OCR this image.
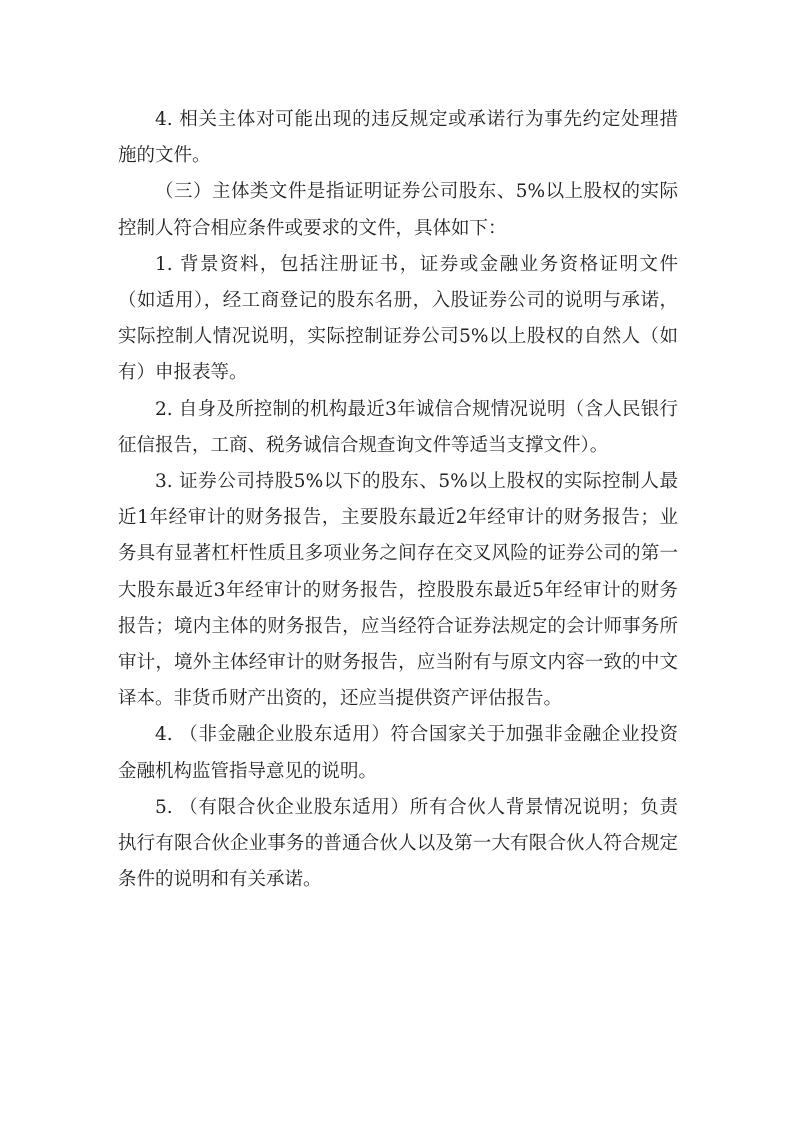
4. 相关主体对可能出现的违反规定或承诺行为事先约定处理措施的文件。

（三）主体类文件是指证明证券公司股东、5%以上股权的实际控制人符合相应条件或要求的文件，具体如下：

1. 背景资料，包括注册证书，证券或金融业务资格证明文件（如适用），经工商登记的股东名册，入股证券公司的说明与承诺，实际控制人情况说明，实际控制证券公司5%以上股权的自然人（如有）申报表等。

2. 自身及所控制的机构最近3年诚信合规情况说明（含人民银行征信报告，工商、税务诚信合规查询文件等适当支撑文件）。

3. 证券公司持股5%以下的股东、5%以上股权的实际控制人最近1年经审计的财务报告，主要股东最近2年经审计的财务报告；业务具有显著杠杆性质且多项业务之间存在交叉风险的证券公司的第一大股东最近3年经审计的财务报告，控股股东最近5年经审计的财务报告；境内主体的财务报告，应当经符合证券法规定的会计师事务所审计，境外主体经审计的财务报告，应当附有与原文内容一致的中文译本。非货币财产出资的，还应当提供资产评估报告。

4. （非金融企业股东适用）符合国家关于加强非金融企业投资金融机构监管指导意见的说明。

5. （有限合伙企业股东适用）所有合伙人背景情况说明；负责执行有限合伙企业事务的普通合伙人以及第一大有限合伙人符合规定条件的说明和有关承诺。
